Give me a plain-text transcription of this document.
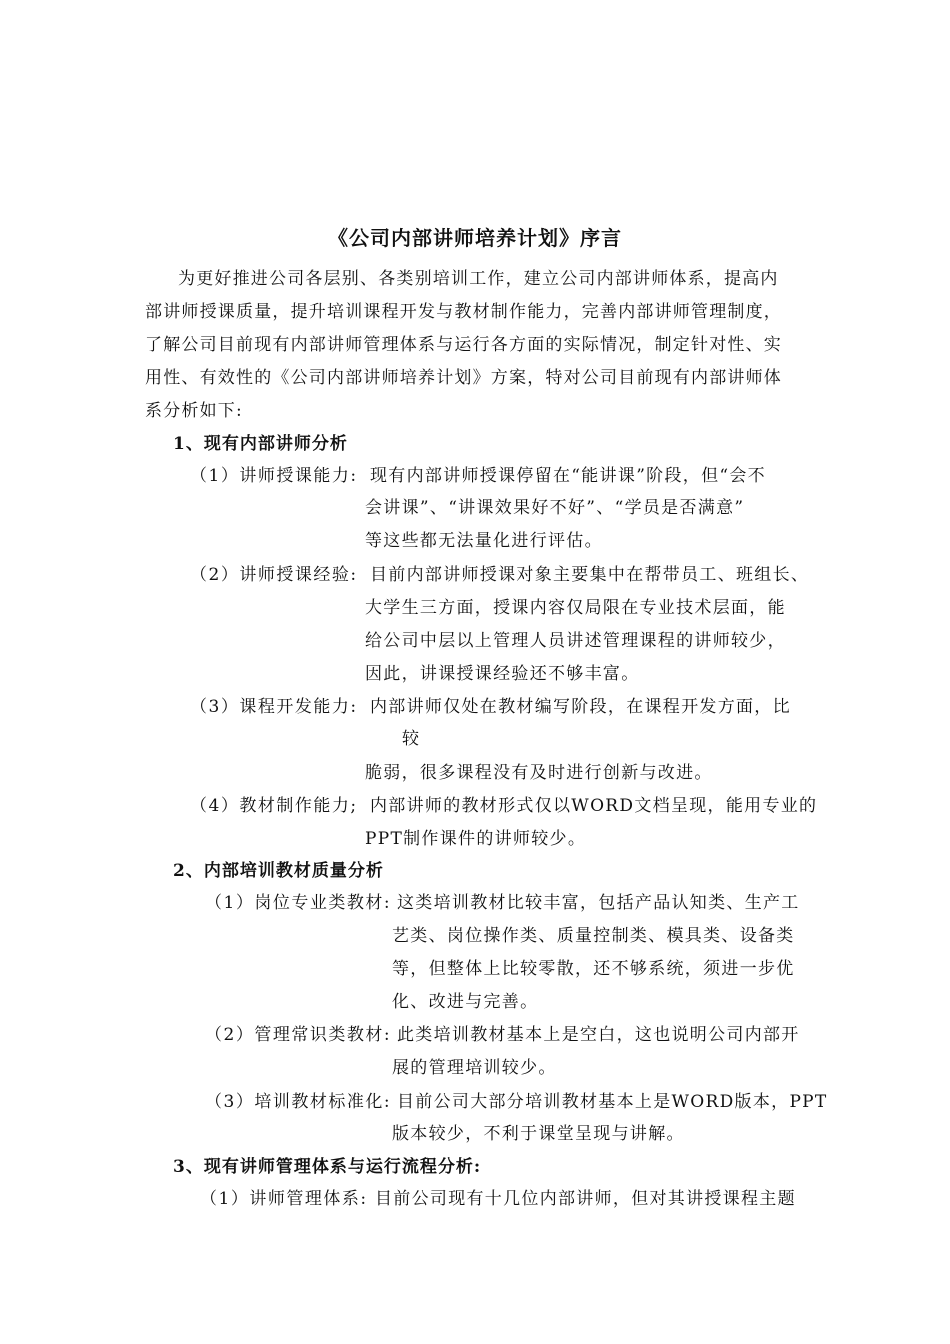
《公司内部讲师培养计划》序言
为更好推进公司各层别、各类别培训工作，建立公司内部讲师体系，提高内
部讲师授课质量，提升培训课程开发与教材制作能力，完善内部讲师管理制度，
了解公司目前现有内部讲师管理体系与运行各方面的实际情况，制定针对性、实
用性、有效性的《公司内部讲师培养计划》方案，特对公司目前现有内部讲师体
系分析如下:
1、现有内部讲师分析
（1）讲师授课能力: 现有内部讲师授课停留在“能讲课”阶段，但“会不
会讲课”、“讲课效果好不好”、“学员是否满意”
等这些都无法量化进行评估。
（2）讲师授课经验: 目前内部讲师授课对象主要集中在帮带员工、班组长、
大学生三方面，授课内容仅局限在专业技术层面，能
给公司中层以上管理人员讲述管理课程的讲师较少，
因此，讲课授课经验还不够丰富。
（3）课程开发能力: 内部讲师仅处在教材编写阶段，在课程开发方面，比
较
脆弱，很多课程没有及时进行创新与改进。
（4）教材制作能力; 内部讲师的教材形式仅以WORD文档呈现，能用专业的
PPT制作课件的讲师较少。
2、内部培训教材质量分析
（1）岗位专业类教材: 这类培训教材比较丰富，包括产品认知类、生产工
艺类、岗位操作类、质量控制类、模具类、设备类
等，但整体上比较零散，还不够系统，须进一步优
化、改进与完善。
（2）管理常识类教材: 此类培训教材基本上是空白，这也说明公司内部开
展的管理培训较少。
（3）培训教材标准化: 目前公司大部分培训教材基本上是WORD版本，PPT
版本较少，不利于课堂呈现与讲解。
3、现有讲师管理体系与运行流程分析:
（1）讲师管理体系: 目前公司现有十几位内部讲师，但对其讲授课程主题
